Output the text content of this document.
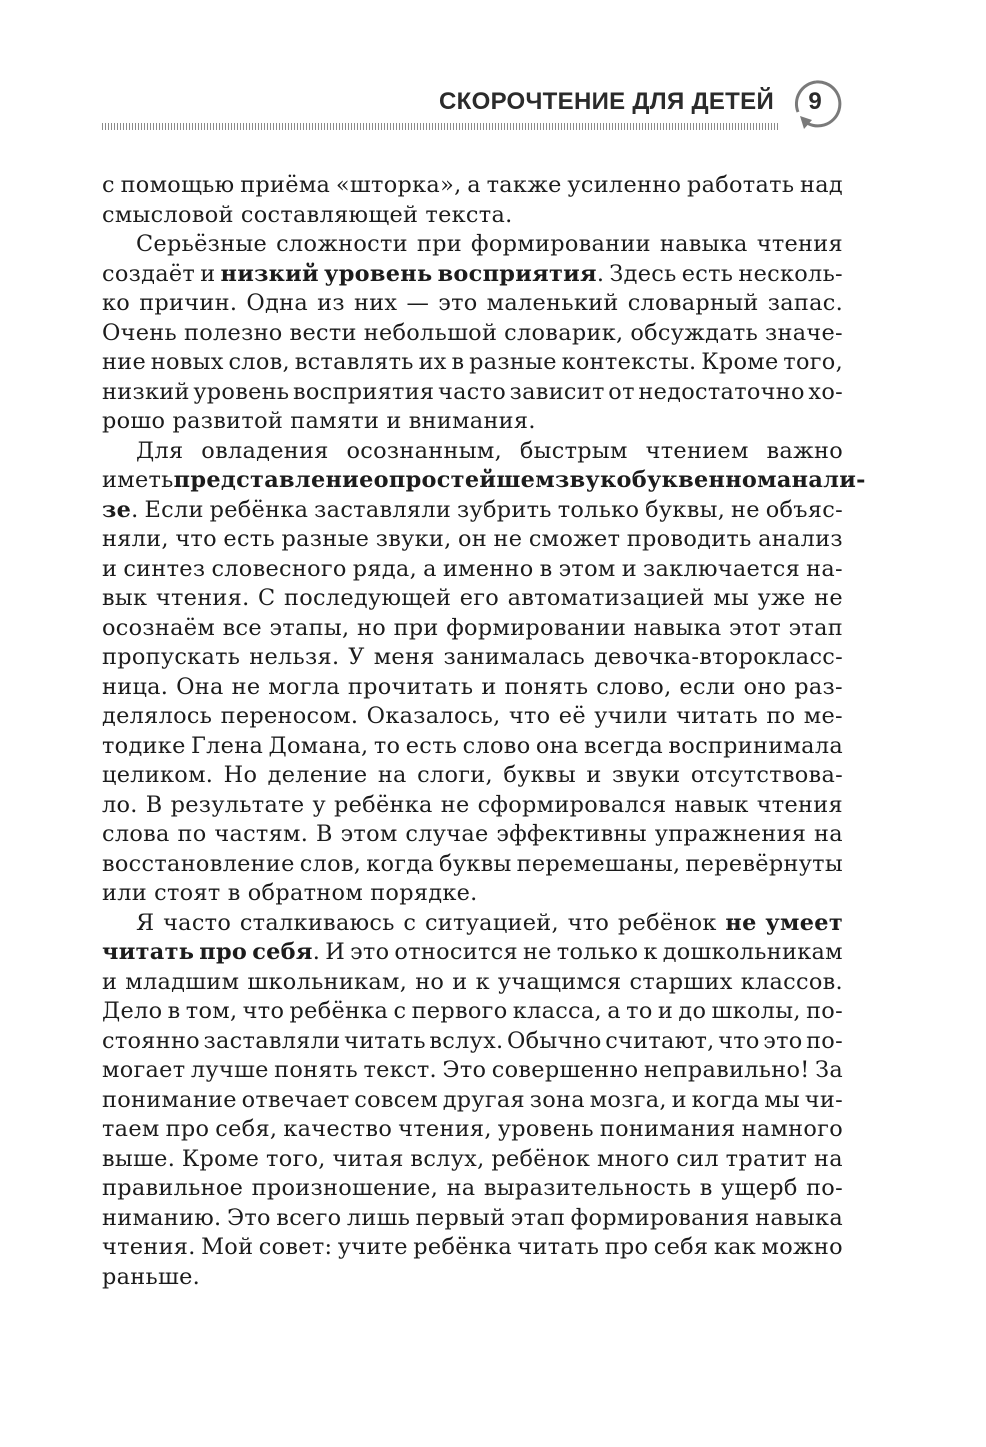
СКОРОЧТЕНИЕ ДЛЯ ДЕТЕЙ	9
с помощью приёма «шторка», а также усиленно работать над
смысловой составляющей текста.
Серьёзные сложности при формировании навыка чтения
создаёт и низкий уровень восприятия. Здесь есть несколь-
ко причин. Одна из них — это маленький словарный запас.
Очень полезно вести небольшой словарик, обсуждать значе-
ние новых слов, вставлять их в разные контексты. Кроме того,
низкий уровень восприятия часто зависит от недостаточно хо-
рошо развитой памяти и внимания.
Для овладения осознанным, быстрым чтением важно
иметь представление о простейшем звукобуквенном анали-
зе. Если ребёнка заставляли зубрить только буквы, не объяс-
няли, что есть разные звуки, он не сможет проводить анализ
и синтез словесного ряда, а именно в этом и заключается на-
вык чтения. С последующей его автоматизацией мы уже не
осознаём все этапы, но при формировании навыка этот этап
пропускать нельзя. У меня занималась девочка-второкласс-
ница. Она не могла прочитать и понять слово, если оно раз-
делялось переносом. Оказалось, что её учили читать по ме-
тодике Глена Домана, то есть слово она всегда воспринимала
целиком. Но деление на слоги, буквы и звуки отсутствова-
ло. В результате у ребёнка не сформировался навык чтения
слова по частям. В этом случае эффективны упражнения на
восстановление слов, когда буквы перемешаны, перевёрнуты
или стоят в обратном порядке.
Я часто сталкиваюсь с ситуацией, что ребёнок не умеет
читать про себя. И это относится не только к дошкольникам
и младшим школьникам, но и к учащимся старших классов.
Дело в том, что ребёнка с первого класса, а то и до школы, по-
стоянно заставляли читать вслух. Обычно считают, что это по-
могает лучше понять текст. Это совершенно неправильно! За
понимание отвечает совсем другая зона мозга, и когда мы чи-
таем про себя, качество чтения, уровень понимания намного
выше. Кроме того, читая вслух, ребёнок много сил тратит на
правильное произношение, на выразительность в ущерб по-
ниманию. Это всего лишь первый этап формирования навыка
чтения. Мой совет: учите ребёнка читать про себя как можно
раньше.
